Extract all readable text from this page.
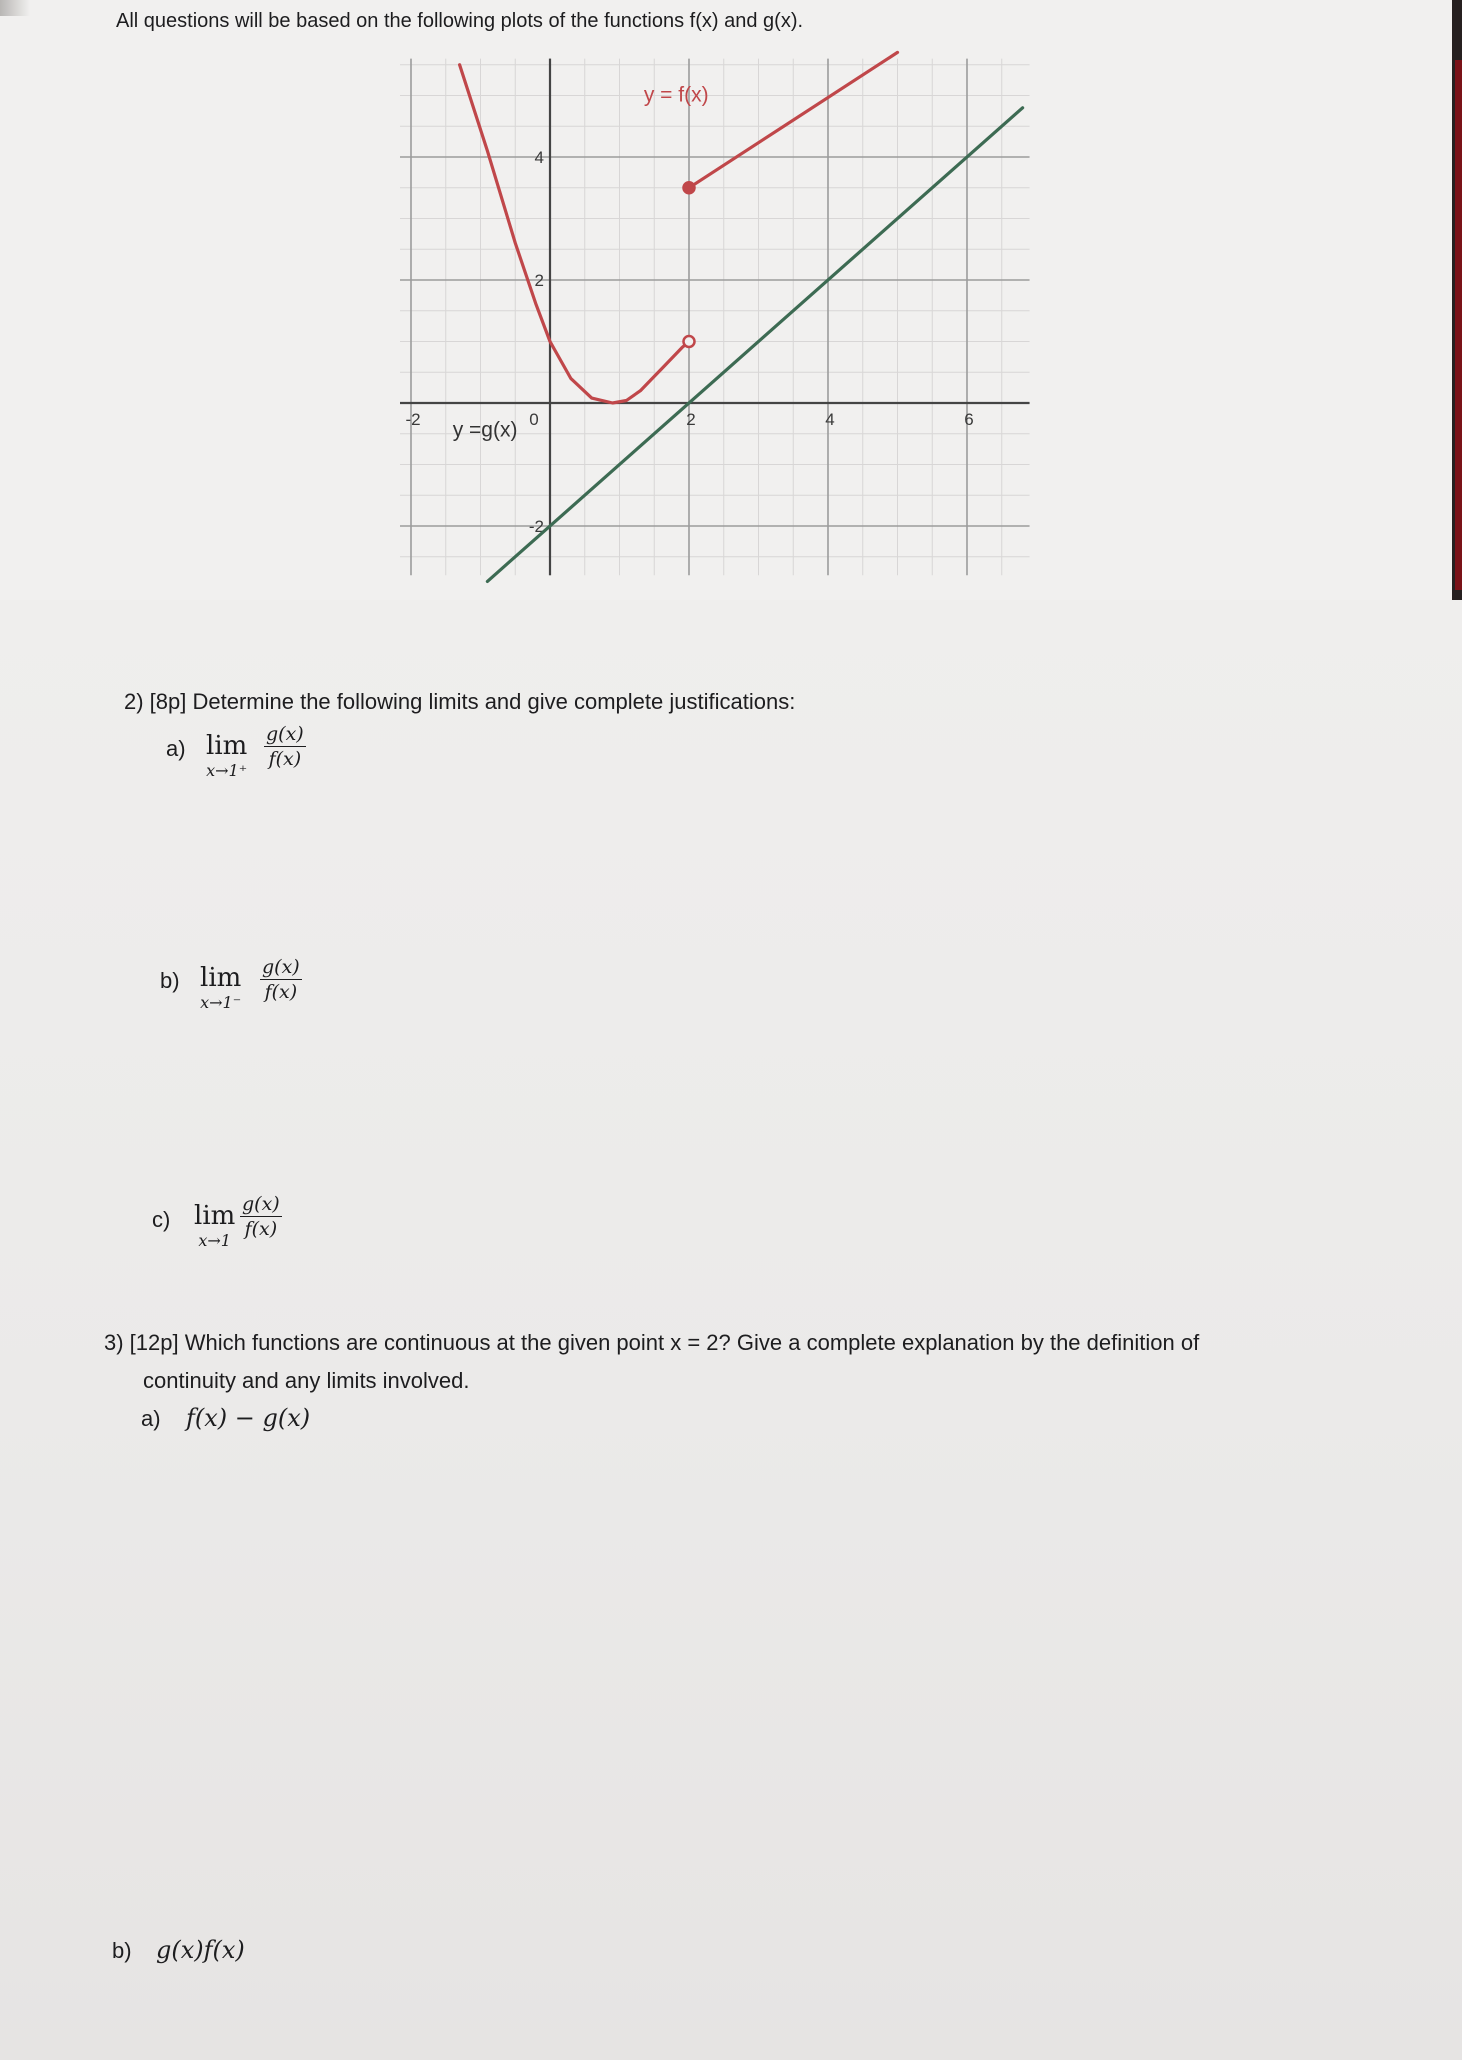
All questions will be based on the following plots of the functions f(x) and g(x).
-2	0	2	4	6
4
2
-2
y = f(x)
y =g(x)
2) [8p] Determine the following limits and give complete justifications:
a) lim
x→1⁺
$\frac{g(x)}{f(x)}$
b) lim
$x\to 1^- \frac{g(x)}{f(x)}$
c) lim
x→1
$\frac{g(x)}{f(x)}$
3) [12p] Which functions are continuous at the given point x = 2? Give a complete explanation by the definition of
continuity and any limits involved.
a) f(x) − g(x)
b) g(x)f(x)
